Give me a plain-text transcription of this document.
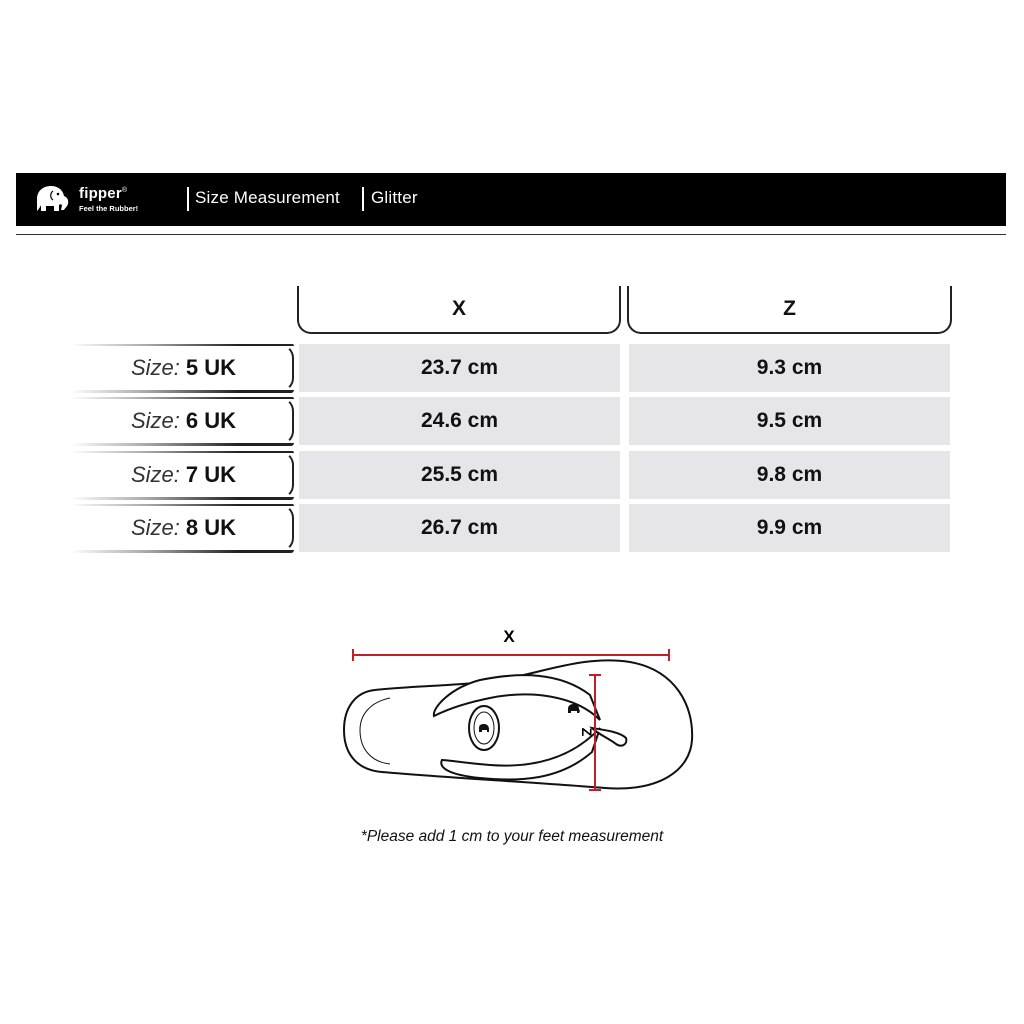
fipper®
Feel the Rubber!
Size Measurement Glitter
X	Z
Size: 5 UK	23.7 cm	9.3 cm
Size: 6 UK	24.6 cm	9.5 cm
Size: 7 UK	25.5 cm	9.8 cm
Size: 8 UK	26.7 cm	9.9 cm
X
Z
*Please add 1 cm to your feet measurement
